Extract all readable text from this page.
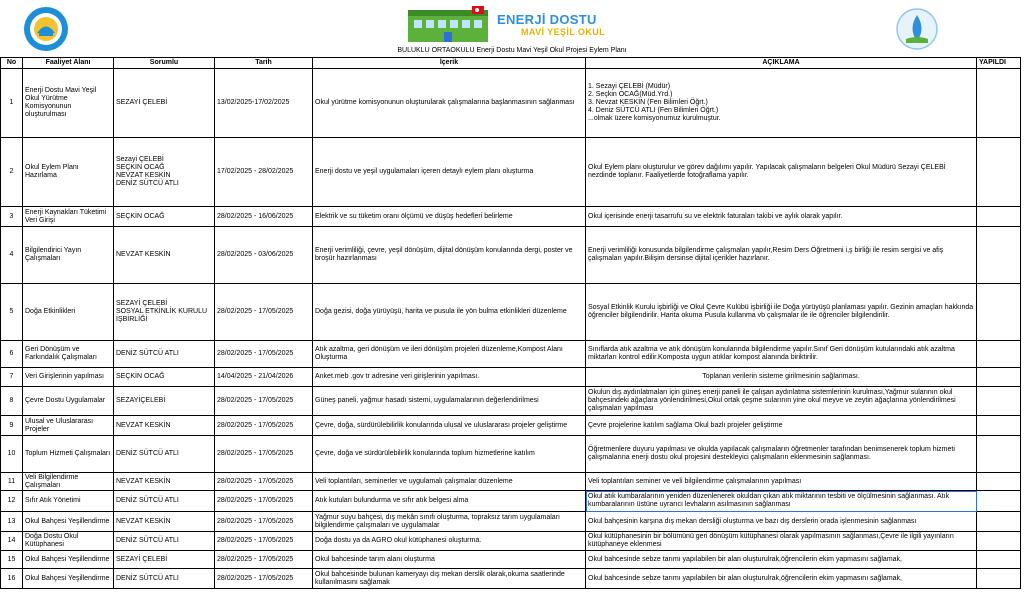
ENERJİ DOSTU
MAVİ YEŞİL OKUL
BULUKLU ORTAOKULU Enerji Dostu Mavi Yeşil Okul Projesi Eylem Planı
No	Faaliyet Alanı	Sorumlu	Tarih	İçerik	AÇIKLAMA	YAPILDI
1	Enerji Dostu Mavi Yeşil Okul Yürütme Komisyonunun oluşturulması	SEZAYİ ÇELEBİ	13/02/2025-17/02/2025	Okul yürütme komisyonunun oluşturularak çalışmalarına başlanmasının sağlanması	1. Sezayi ÇELEBİ (Müdür)
2. Seçkin OCAĞ(Müd.Yrd.)
3. Nevzat KESKİN (Fen Bilimleri Öğrt.)
4. Deniz SÜTCÜ ATLI (Fen Bilimleri Öğrt.)
...olmak üzere komisyonumuz kurulmuştur.	
2	Okul Eylem Planı Hazırlama	Sezayi ÇELEBİ
SEÇKİN OCAĞ
NEVZAT KESKİN
DENİZ SÜTCÜ ATLI	17/02/2025 - 28/02/2025	Enerji dostu ve yeşil uygulamaları içeren detaylı eylem planı oluşturma	Okul Eylem planı oluşturulur ve görev dağılımı yapılır. Yapılacak çalışmaların belgeleri Okul Müdürü Sezayi ÇELEBİ nezdinde toplanır. Faaliyetlerde fotoğraflama yapılır.	
3	Enerji Kaynakları Tüketimi Veri Girişi	SEÇKİN OCAĞ	28/02/2025 - 16/06/2025	Elektrik ve su tüketim oranı ölçümü ve düşüş hedefleri belirleme	Okul içerisinde enerji tasarrufu su ve elektrik faturaları takibi ve aylık olarak yapılır.	
4	Bilgilendirici Yayın Çalışmaları	NEVZAT KESKİN	28/02/2025 - 03/06/2025	Enerji verimliliği, çevre, yeşil dönüşüm, dijital dönüşüm konularında dergi, poster ve broşür hazırlanması	Enerji verimliliği konusunda bilgilendirme çalışmaları yapılır,Resim Ders Öğretmeni i,ş birliği ile resim sergisi ve afiş çalışmaları yapılır.Bilişim dersinse dijital içerikler hazırlanır.	
5	Doğa Etkinlikleri	SEZAYİ ÇELEBİ
SOSYAL ETKİNLİK KURULU İŞBİRLİĞİ	28/02/2025 - 17/05/2025	Doğa gezisi, doğa yürüyüşü, harita ve pusula ile yön bulma etkinlikleri düzenleme	Sosyal Etkinlik Kurulu işbirliği ve Okul Çevre Kulübü işbirliği ile Doğa yürüyüşü planlaması yapılır. Gezinin amaçları hakkında öğrenciler bilgilendirilir. Harita okuma Pusula kullanma vb çalışmalar ile ile öğrenciler bilgilendirilir.	
6	Geri Dönüşüm ve Farkındalık Çalışmaları	DENİZ SÜTCÜ ATLI	28/02/2025 - 17/05/2025	Atık azaltma, geri dönüşüm ve ileri dönüşüm projeleri düzenleme,Kompost Alanı Oluşturma	Sınıflarda atık azaltma ve atık dönüşüm konularında bilgilendirme yapılır.Sınıf Geri dönüşüm kutularındaki atık azaltma miktarları kontrol edilir.Komposta uygun atıklar kompost alanında biriktirilir.	
7	Veri Girişlerinin yapılması	SEÇKİN OCAĞ	14/04/2025 - 21/04/2026	Anket.meb .gov tr adresine veri girişlerinin yapılması.	Toplanan verilerin sisteme girilmesinin sağlanması.	
8	Çevre Dostu Uygulamalar	SEZAYİÇELEBİ	28/02/2025 - 17/05/2025	Güneş paneli, yağmur hasadı sistemi, uygulamalarının değerlendirilmesi	Okulun dış aydınlatmaları için güneş enerji paneli ile çalışan aydınlatma sistemlerinin kurulması,Yağmur sularının okul bahçesindeki ağaçlara yönlendirilmesi,Okul ortak çeşme sularının yine okul meyve ve zeytin ağaçlarına yönlendirilmesi çalışmaları yapılması	
9	Ulusal ve Uluslararası Projeler	NEVZAT KESKİN	28/02/2025 - 17/05/2025	Çevre, doğa, sürdürülebilirlik konularında ulusal ve uluslararası projeler geliştirme	Çevre projelerine katılım sağlama Okul bazlı projeler geliştirme	
10	Toplum Hizmeti Çalışmaları	DENİZ SÜTCÜ ATLI	28/02/2025 - 17/05/2025	Çevre, doğa ve sürdürülebilirlik konularında toplum hizmetlerine katılım	Öğretmenlere duyuru yapılması ve okulda yapılacak çalışmaların öğretmenler tarafından benimsenerek toplum hizmeti çalışmalarına enerji dostu okul projesini destekleyici çalışmaların eklenmesinin sağlanması.	
11	Veli Bilgilendirme Çalışmaları	NEVZAT KESKİN	28/02/2025 - 17/05/2025	Veli toplantıları, seminerler ve uygulamalı çalışmalar düzenleme	Veli toplantıları seminer ve veli bilgilendirme çalışmalarının yapılması	
12	Sıfır Atık Yönetimi	DENİZ SÜTCÜ ATLI	28/02/2025 - 17/05/2025	Atık kutuları bulundurma ve sıfır atık belgesi alma	Okul atık kumbaralarının yeniden düzenlenerek okuldan çıkan atık miktarının tesbiti ve ölçülmesinin sağlanması. Atık kumbaralarının üstüne uyrarıcı levhaların asılmasının sağlanması	
13	Okul Bahçesi Yeşillendirme	NEVZAT KESKİN	28/02/2025 - 17/05/2025	Yağmur suyu bahçesi, dış mekân sınıfı oluşturma, topraksız tarım uygulamaları bilgilendirme çalışmaları ve uygulamalar	Okul bahçesinin karşına dış mekan dersliği oluşturma ve bazı dış derslerin orada işlenmesinin sağlanması	
14	Doğa Dostu Okul Kütüphanesi	DENİZ SÜTCÜ ATLI	28/02/2025 - 17/05/2025	Doğa dostu ya da AGRO okul kütüphanesi oluşturma.	Okul kütüphanesinin bir bölümünü geri dönüşüm kütüphanesi olarak yapılmasının sağlanması,Çevre ile ilgili yayınların kütüphaneye eklenmesi	
15	Okul Bahçesi Yeşillendirme	SEZAYİ ÇELEBİ	28/02/2025 - 17/05/2025	Okul bahcesinde tarım alanı oluşturma	Okul bahcesinde sebze tarımı yapılabilen bir alan oluşturulrak,öğrencilerin ekim yapmasını sağlamak,	
16	Okul Bahçesi Yeşillendirme	DENİZ SÜTCÜ ATLI	28/02/2025 - 17/05/2025	Okul bahcesinde bulunan kameryayı dış mekan derslik olarak,okuma saatlerinde kullanılmasını sağlamak	Okul bahcesinde sebze tarımı yapılabilen bir alan oluşturulrak,öğrencilerin ekim yapmasını sağlamak,	
